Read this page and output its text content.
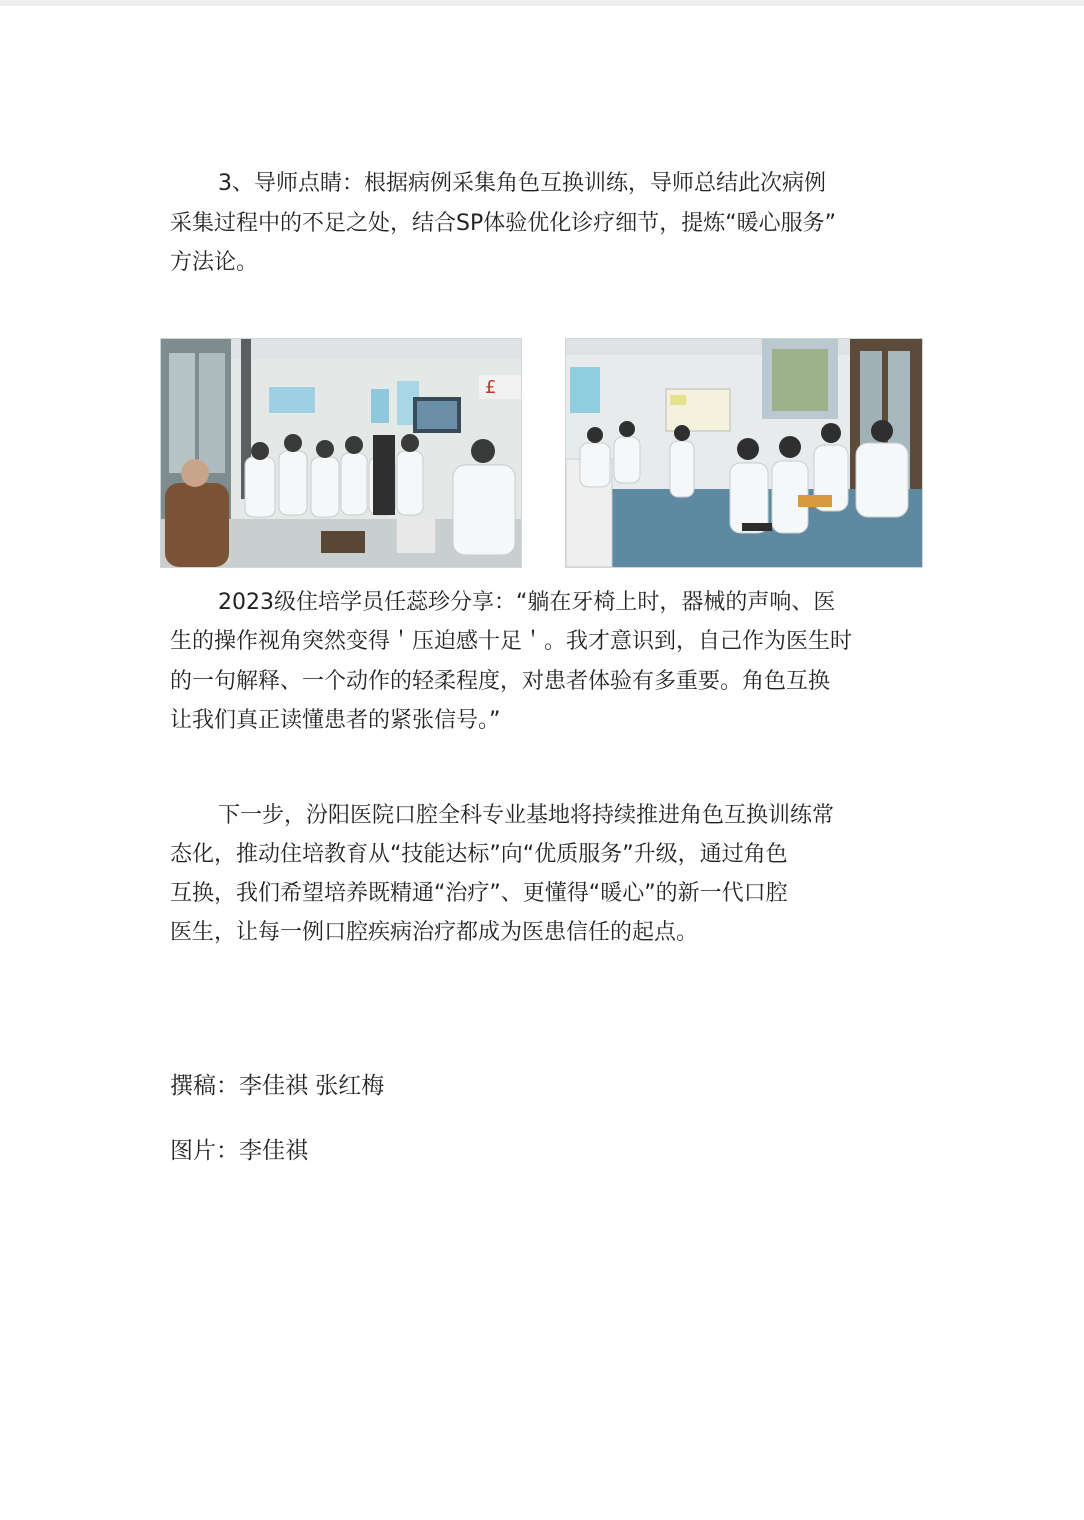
3、导师点睛：根据病例采集角色互换训练，导师总结此次病例
采集过程中的不足之处，结合SP体验优化诊疗细节，提炼“暖心服务”
方法论。
£
2023级住培学员任蕊珍分享：“躺在牙椅上时，器械的声响、医
生的操作视角突然变得＇压迫感十足＇。我才意识到，自己作为医生时
的一句解释、一个动作的轻柔程度，对患者体验有多重要。角色互换
让我们真正读懂患者的紧张信号。”
下一步，汾阳医院口腔全科专业基地将持续推进角色互换训练常
态化，推动住培教育从“技能达标”向“优质服务”升级，通过角色
互换，我们希望培养既精通“治疗”、更懂得“暖心”的新一代口腔
医生，让每一例口腔疾病治疗都成为医患信任的起点。
撰稿：李佳祺 张红梅
图片：李佳祺
